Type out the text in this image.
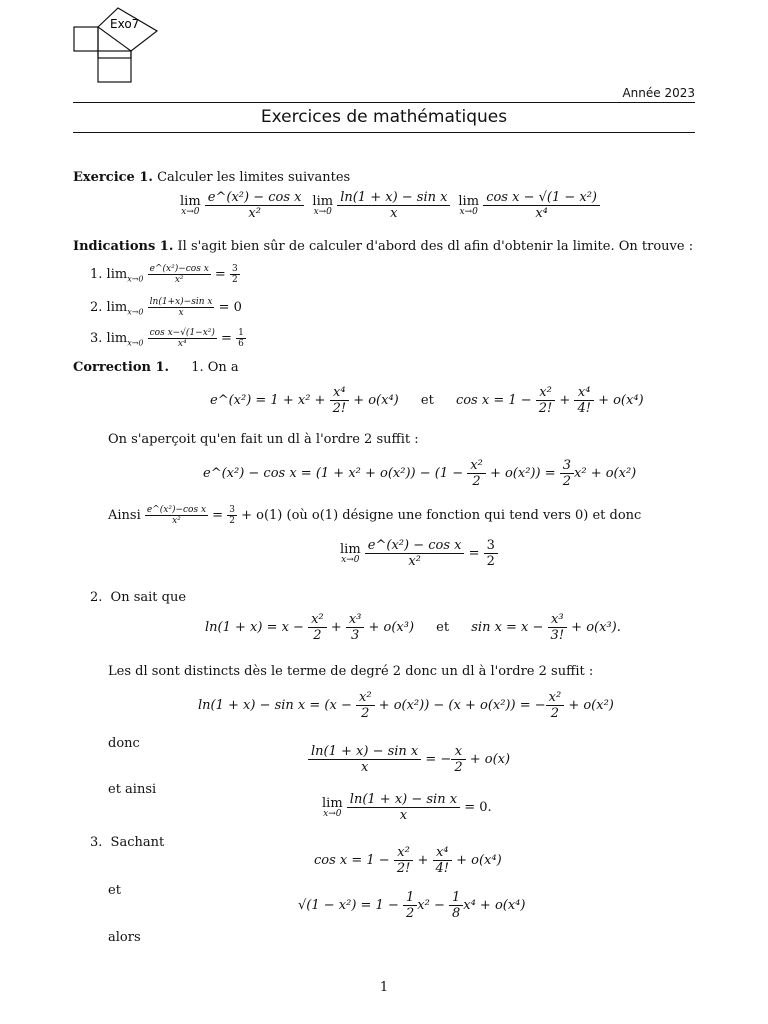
Exo7
Année 2023
Exercices de mathématiques
Exercice 1. Calculer les limites suivantes
lim
x→0
$\frac{\text{e\textasciicircum{}(x²) − cos x}}{\text{x²}}$ lim
x→0
$\frac{\text{ln(1 + x) − sin x}}{x}$ lim
x→0
$\frac{\text{cos x − √(1 − x²)}}{\text{x⁴}}$
Indications 1. Il s'agit bien sûr de calculer d'abord des dl afin d'obtenir la limite. On trouve :
1. $\lim_{x\to 0} \frac{\text{e\textasciicircum{}(x²)−cos x}}{\text{x²}} = \frac{3}{2}$
2. $\lim_{x\to 0} \frac{\text{ln(1+x)−sin x}}{x} = 0$
3. $\lim_{x\to 0} \frac{\text{cos x−√(1−x²)}}{\text{x⁴}} = \frac{1}{6}$
Correction 1. 1. On a
e^(x²) = $1 + x^2 + \frac{\text{x⁴}}{2!} + o(x^4)$ et $\cos x = 1 - \frac{\text{x²}}{2!} + \frac{\text{x⁴}}{4!} + o(x^4)$
On s'aperçoit qu'en fait un dl à l'ordre 2 suffit :
e^(x²) − $\cos x = (1 + x^2 + o(x^2)) - (1 - \frac{\text{x²}}{2} + o(x^2)) = \frac{3}{2} x^2 + o(x^2)$
Ainsi $\frac{\text{e\textasciicircum{}(x²)−cos x}}{\text{x²}} = \frac{3}{2} + o(1)$ (où o(1) désigne une fonction qui tend vers 0) et donc
lim
x→0
$\frac{\text{e\textasciicircum{}(x²) − cos x}}{\text{x²}} = \frac{3}{2}$
2. On sait que
$\ln(1 + x) = x - \frac{\text{x²}}{2} + \frac{\text{x³}}{3} + o(x^3)$ et $\sin x = x - \frac{\text{x³}}{3!} + o(x^3)$.
Les dl sont distincts dès le terme de degré 2 donc un dl à l'ordre 2 suffit :
$\ln(1 + x) - \sin x = (x - \frac{\text{x²}}{2} + o(x^2)) - (x + o(x^2))$ = − $\frac{\text{x²}}{2} + o(x^2)$
donc
$\frac{\text{ln(1 + x) − sin x}}{x}$ = − $\frac{x}{2} + o(x)$
et ainsi
lim
x→0
$\frac{\text{ln(1 + x) − sin x}}{x} = 0$.
3. Sachant
$\cos x = 1 - \frac{\text{x²}}{2!} + \frac{\text{x⁴}}{4!} + o(x^4)$
et
$√(1 - x^2) = 1 - \frac{1}{2} x^2 - \frac{1}{8} x^4 + o(x^4)$
alors
1
